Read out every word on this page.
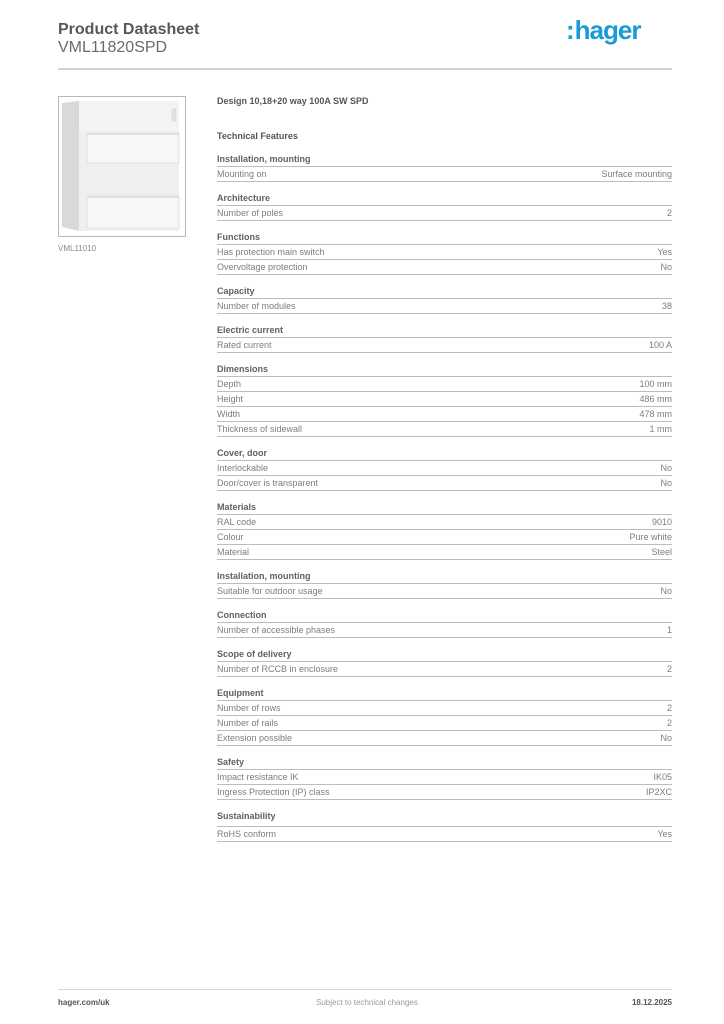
Product Datasheet
VML11820SPD
:hager
VML11010
Design 10,18+20 way 100A SW SPD
Technical Features
Installation, mounting
Mounting on	Surface mounting
Architecture
Number of poles	2
Functions
Has protection main switch	Yes
Overvoltage protection	No
Capacity
Number of modules	38
Electric current
Rated current	100 A
Dimensions
Depth	100 mm
Height	486 mm
Width	478 mm
Thickness of sidewall	1 mm
Cover, door
Interlockable	No
Door/cover is transparent	No
Materials
RAL code	9010
Colour	Pure white
Material	Steel
Installation, mounting
Suitable for outdoor usage	No
Connection
Number of accessible phases	1
Scope of delivery
Number of RCCB in enclosure	2
Equipment
Number of rows	2
Number of rails	2
Extension possible	No
Safety
Impact resistance IK	IK05
Ingress Protection (IP) class	IP2XC
Sustainability
RoHS conform	Yes
hager.com/uk	Subject to technical changes	18.12.2025
